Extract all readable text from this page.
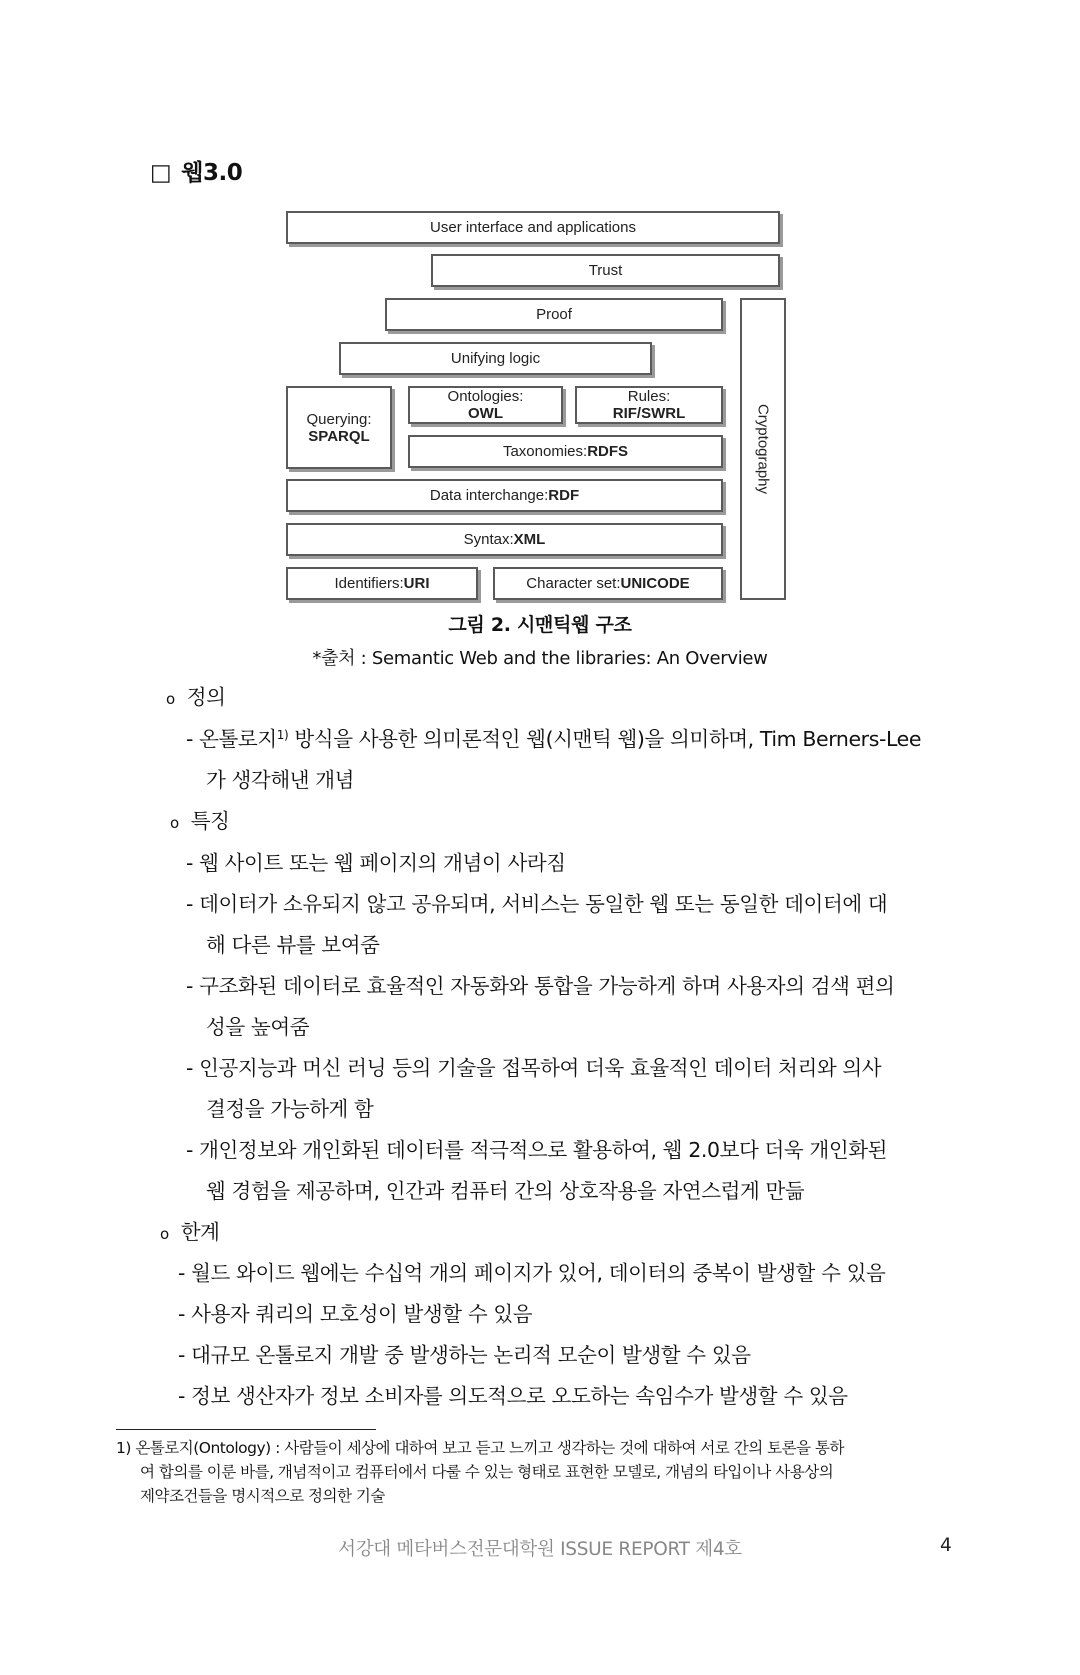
□ 웹3.0
User interface and applications
Trust
Proof
Unifying logic
Querying:
SPARQL
Ontologies:
OWL
Rules:
RIF/SWRL
Taxonomies: RDFS
Data interchange: RDF
Syntax: XML
Identifiers: URI	Character set: UNICODE
Cryptography
그림 2. 시맨틱웹 구조
*출처 : Semantic Web and the libraries: An Overview
o 정의
- 온톨로지$^{1)}$ 방식을 사용한 의미론적인 웹(시맨틱 웹)을 의미하며, Tim Berners-Lee
가 생각해낸 개념
o 특징
- 웹 사이트 또는 웹 페이지의 개념이 사라짐
- 데이터가 소유되지 않고 공유되며, 서비스는 동일한 웹 또는 동일한 데이터에 대
해 다른 뷰를 보여줌
- 구조화된 데이터로 효율적인 자동화와 통합을 가능하게 하며 사용자의 검색 편의
성을 높여줌
- 인공지능과 머신 러닝 등의 기술을 접목하여 더욱 효율적인 데이터 처리와 의사
결정을 가능하게 함
- 개인정보와 개인화된 데이터를 적극적으로 활용하여, 웹 2.0보다 더욱 개인화된
웹 경험을 제공하며, 인간과 컴퓨터 간의 상호작용을 자연스럽게 만듦
o 한계
- 월드 와이드 웹에는 수십억 개의 페이지가 있어, 데이터의 중복이 발생할 수 있음
- 사용자 쿼리의 모호성이 발생할 수 있음
- 대규모 온톨로지 개발 중 발생하는 논리적 모순이 발생할 수 있음
- 정보 생산자가 정보 소비자를 의도적으로 오도하는 속임수가 발생할 수 있음
1) 온톨로지(Ontology) : 사람들이 세상에 대하여 보고 듣고 느끼고 생각하는 것에 대하여 서로 간의 토론을 통하
여 합의를 이룬 바를, 개념적이고 컴퓨터에서 다룰 수 있는 형태로 표현한 모델로, 개념의 타입이나 사용상의
제약조건들을 명시적으로 정의한 기술
서강대 메타버스전문대학원 ISSUE REPORT 제4호	4
